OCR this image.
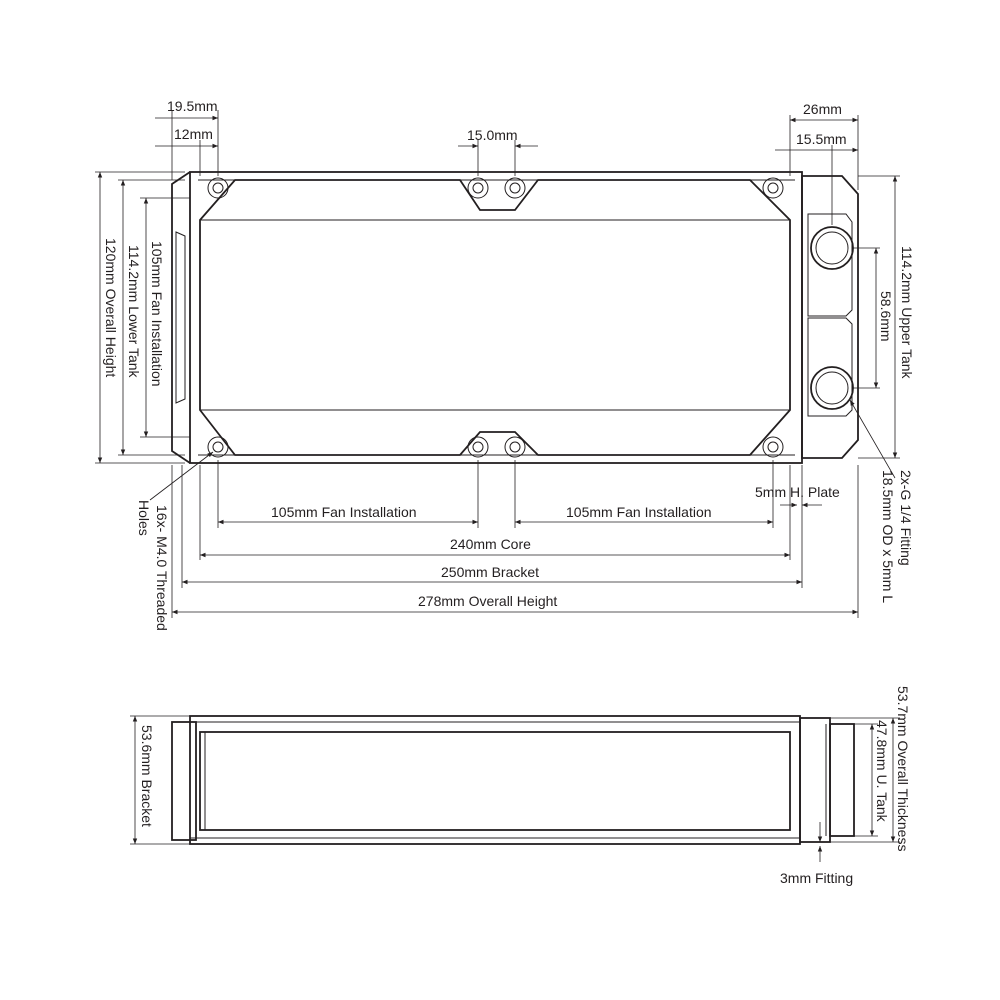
19.5mm
12mm	15.0mm
26mm
15.5mm
120mm Overall Height 114.2mm Lower Tank 105mm Fan Installation	114.2mm Upper Tank
58.6mm
5mm H. Plate
105mm Fan Installation	105mm Fan Installation
240mm Core
250mm Bracket
278mm Overall Height
16x- M4.0 Threaded
Holes	2x-G 1/4 Fitting
18.5mm OD x 5mm L
53.6mm Bracket	47.8mm U. Tank 53.7mm Overall Thickness
3mm Fitting
